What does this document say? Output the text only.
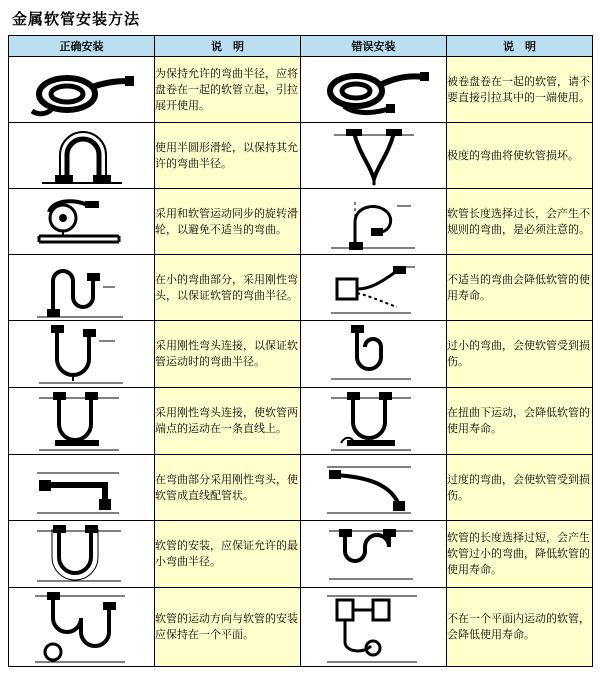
金属软管安装方法
正确安装	说　明	错误安装	说　明

	为保持允许的弯曲半径，应将盘卷在一起的软管立起，引拉展开使用。		被卷盘卷在一起的软管，请不要直接引拉其中的一端使用。

	使用半圆形滑轮，以保持其允许的弯曲半径。		极度的弯曲将使软管损坏。

	采用和软管运动同步的旋转滑轮，以避免不适当的弯曲。		软管长度选择过长，会产生不规则的弯曲，是必须注意的。

	在小的弯曲部分，采用刚性弯头，以保证软管的弯曲半径。		不适当的弯曲会降低软管的使用寿命。

	采用刚性弯头连接，以保证软管运动时的弯曲半径。		过小的弯曲，会使软管受到损伤。

	采用刚性弯头连接，使软管两端点的运动在一条直线上。		在扭曲下运动，会降低软管的使用寿命。

	在弯曲部分采用刚性弯头，使软管成直线配管状。		过度的弯曲，会使软管受到损伤。

	软管的安装，应保证允许的最小弯曲半径。		软管的长度选择过短，会产生软管过小的弯曲，降低软管的使用寿命。

	软管的运动方向与软管的安装应保持在一个平面。		不在一个平面内运动的软管，会降低使用寿命。
